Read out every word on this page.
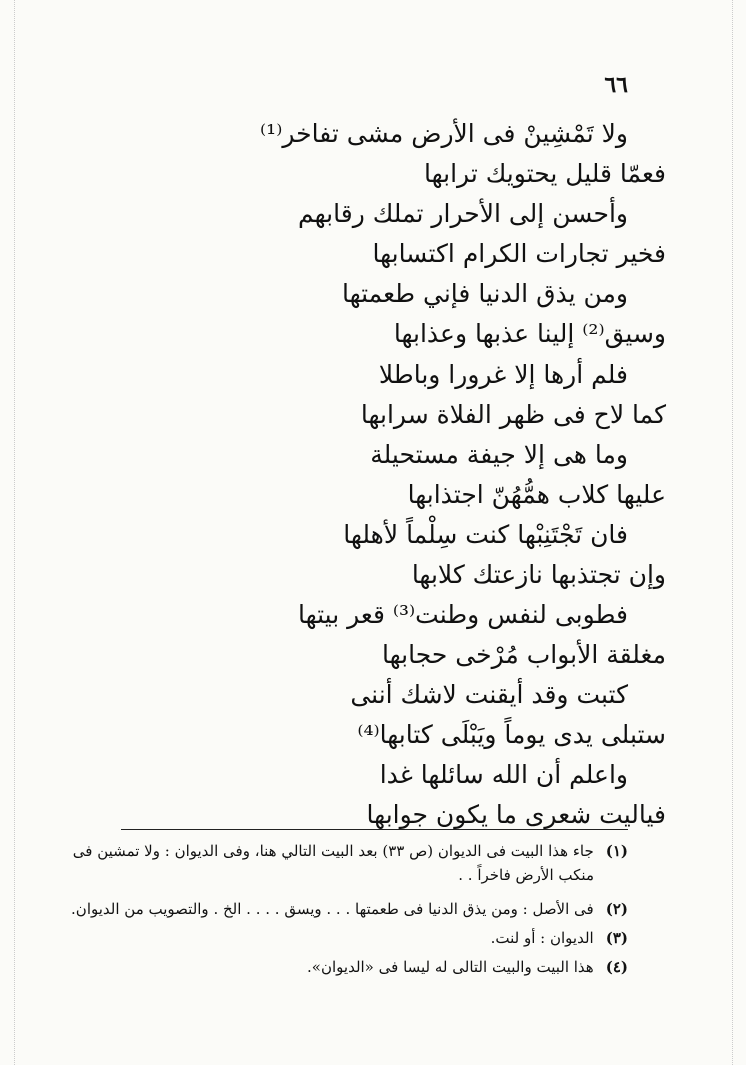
٦٦
ولا تَمْشِينْ فى الأرض مشى تفاخر⁽¹⁾
فعمّا قليل يحتويك ترابها
وأحسن إلى الأحرار تملك رقابهم
فخير تجارات الكرام اكتسابها
ومن يذق الدنيا فإني طعمتها
وسيق⁽²⁾ إلينا عذبها وعذابها
فلم أرها إلا غرورا وباطلا
كما لاح فى ظهر الفلاة سرابها
وما هى إلا جيفة مستحيلة
عليها كلاب همُّهُنّ اجتذابها
فان تَجْتَنِبْها كنت سِلْماً لأهلها
وإن تجتذبها نازعتك كلابها
فطوبى لنفس وطنت⁽³⁾ قعر بيتها
مغلقة الأبواب مُرْخى حجابها
كتبت وقد أيقنت لاشك أننى
ستبلى يدى يوماً ويَبْلَى كتابها⁽⁴⁾
واعلم أن الله سائلها غدا
فياليت شعرى ما يكون جوابها
(١)جاء هذا البيت فى الديوان (ص ٣٣) بعد البيت التالي هنا، وفى الديوان : ولا تمشين فى
منكب الأرض فاخراً . .
(٢)فى الأصل : ومن يذق الدنيا فى طعمتها . . . ويسق . . . . الخ . والتصويب من الديوان.
(٣)الديوان : أو لنت.
(٤)هذا البيت والبيت التالى له ليسا فى «الديوان».
